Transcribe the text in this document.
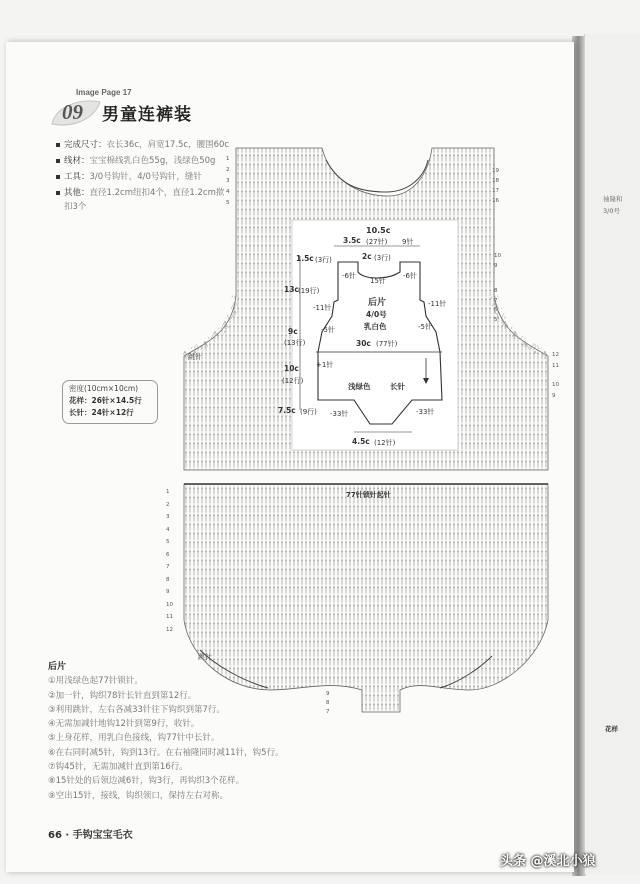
袖隆和
3/0号
花样
Image Page 17
09 男童连裤装
完成尺寸：衣长36c，肩宽17.5c，腰围60c
线材：宝宝棉线乳白色55g，浅绿色50g
工具：3/0号钩针，4/0号钩针，缝针
其他：直径1.2cm纽扣4个，直径1.2cm揿扣3个
密度(10cm×10cm)
花样：26针×14.5行
长针：24针×12行
10.5c
3.5c (27针) 9针
1.5c (3行)	2c (3行)
-6针	-6针
15针
13c (19行)
-11针	-11针
后片
4/0号
乳白色
9c
(13行)
-5针	-5针
30c (77针)
10c
(12行)
+1针
浅绿色	长针
7.5c (9行) -33针	-33针
4.5c (12针)
77针锁针起针
跳针
跳针
1
2
3
4
5
19
18
17
16
10
9
8
7
6
5
12
11
10
9
1
2
3
4
5
6
7
8
9
10
11
12
9
8
7
后片
①用浅绿色起77针锁针。
②加一针，钩织78针长针直到第12行。
③利用跳针，左右各减33针往下钩织到第7行。
④无需加减针地钩12针到第9行，收针。
⑤上身花样，用乳白色接线，钩77针中长针。
⑥在右同时减5针，钩到13行。在右袖隆同时减11针，钩5行。
⑦钩45针，无需加减针直到第16行。
⑧15针处的后领边减6针，钩3行，再钩织3个花样。
⑨空出15针，接线，钩织领口，保持左右对称。
66 · 手钩宝宝毛衣
头条 @溪北小狼
